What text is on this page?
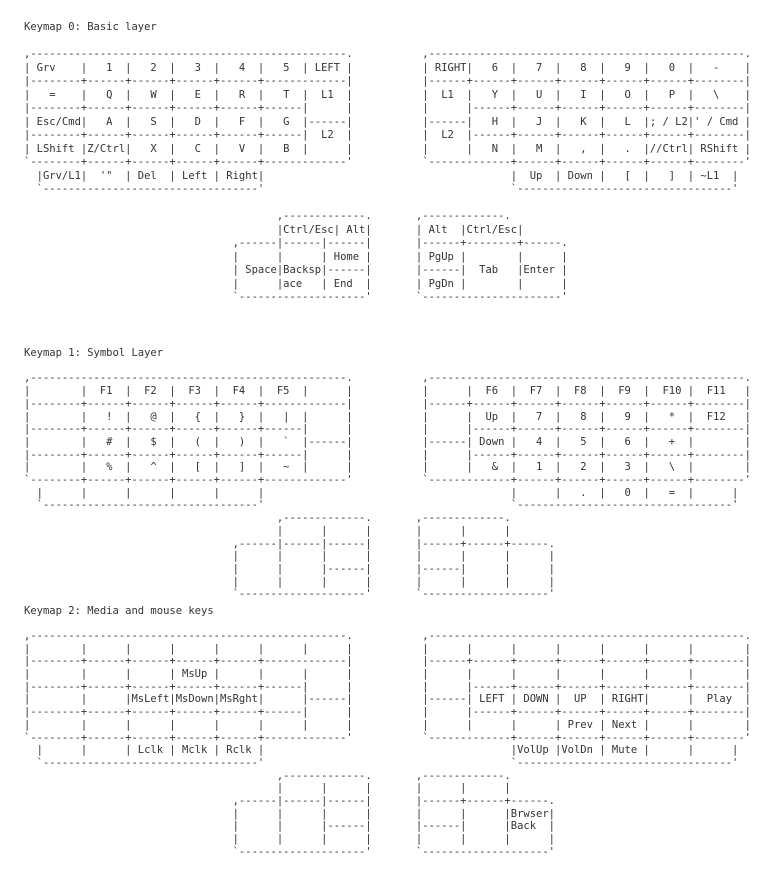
Keymap 0: Basic layer
,--------------------------------------------------.           ,--------------------------------------------------.
| Grv    |   1  |   2  |   3  |   4  |   5  | LEFT |           | RIGHT|   6  |   7  |   8  |   9  |   0  |   -    |
|--------+------+------+------+------+-------------|           |------+------+------+------+------+------+--------|
|   =    |   Q  |   W  |   E  |   R  |   T  |  L1  |           |  L1  |   Y  |   U  |   I  |   O  |   P  |   \    |
|--------+------+------+------+------+------|      |           |      |------+------+------+------+------+--------|
| Esc/Cmd|   A  |   S  |   D  |   F  |   G  |------|           |------|   H  |   J  |   K  |   L  |; / L2|' / Cmd |
|--------+------+------+------+------+------|  L2  |           |  L2  |------+------+------+------+------+--------|
| LShift |Z/Ctrl|   X  |   C  |   V  |   B  |      |           |      |   N  |   M  |   ,  |   .  |//Ctrl| RShift |
`--------+------+------+------+------+-------------'           `-------------+------+------+------+------+--------'
|Grv/L1|  '"  | Del  | Left | Right|                                       |  Up  | Down |   [  |   ]  | ~L1  |
`----------------------------------'                                       `----------------------------------'

,-------------.       ,-------------.
|Ctrl/Esc| Alt|       | Alt  |Ctrl/Esc|
,------|------|------|       |------+--------+------.
|      |      | Home |       | PgUp |        |      |
| Space|Backsp|------|       |------|  Tab   |Enter |
|      |ace   | End  |       | PgDn |        |      |
`--------------------'       `----------------------'
Keymap 1: Symbol Layer
,--------------------------------------------------.           ,--------------------------------------------------.
|        |  F1  |  F2  |  F3  |  F4  |  F5  |      |           |      |  F6  |  F7  |  F8  |  F9  |  F10 |  F11   |
|--------+------+------+------+------+-------------|           |------+------+------+------+------+------+--------|
|        |   !  |   @  |   {  |   }  |   |  |      |           |      |  Up  |   7  |   8  |   9  |   *  |  F12   |
|--------+------+------+------+------+------|      |           |      |------+------+------+------+------+--------|
|        |   #  |   $  |   (  |   )  |   `  |------|           |------| Down |   4  |   5  |   6  |   +  |        |
|--------+------+------+------+------+------|      |           |      |------+------+------+------+------+--------|
|        |   %  |   ^  |   [  |   ]  |   ~  |      |           |      |   &  |   1  |   2  |   3  |   \  |        |
`--------+------+------+------+------+-------------'           `-------------+------+------+------+------+--------'
|      |      |      |      |      |                                       |      |   .  |   0  |   =  |      |
`----------------------------------'                                       `----------------------------------'
,-------------.       ,-------------.
|      |      |       |      |      |
,------|------|------|       |------+------+------.
|      |      |      |       |      |      |      |
|      |      |------|       |------|      |      |
|      |      |      |       |      |      |      |
`--------------------'       `--------------------'
Keymap 2: Media and mouse keys
,--------------------------------------------------.           ,--------------------------------------------------.
|        |      |      |      |      |      |      |           |      |      |      |      |      |      |        |
|--------+------+------+------+------+-------------|           |------+------+------+------+------+------+--------|
|        |      |      | MsUp |      |      |      |           |      |      |      |      |      |      |        |
|--------+------+------+------+------+------|      |           |      |------+------+------+------+------+--------|
|        |      |MsLeft|MsDown|MsRght|      |------|           |------| LEFT | DOWN |  UP  | RIGHT|      |  Play  |
|--------+------+------+------+------+------|      |           |      |------+------+------+------+------+--------|
|        |      |      |      |      |      |      |           |      |      |      | Prev | Next |      |        |
`--------+------+------+------+------+-------------'           `-------------+------+------+------+------+--------'
|      |      | Lclk | Mclk | Rclk |                                       |VolUp |VolDn | Mute |      |      |
`----------------------------------'                                       `----------------------------------'
,-------------.       ,-------------.
|      |      |       |      |      |
,------|------|------|       |------+------+------.
|      |      |      |       |      |      |Brwser|
|      |      |------|       |------|      |Back  |
|      |      |      |       |      |      |      |
`--------------------'       `--------------------'
